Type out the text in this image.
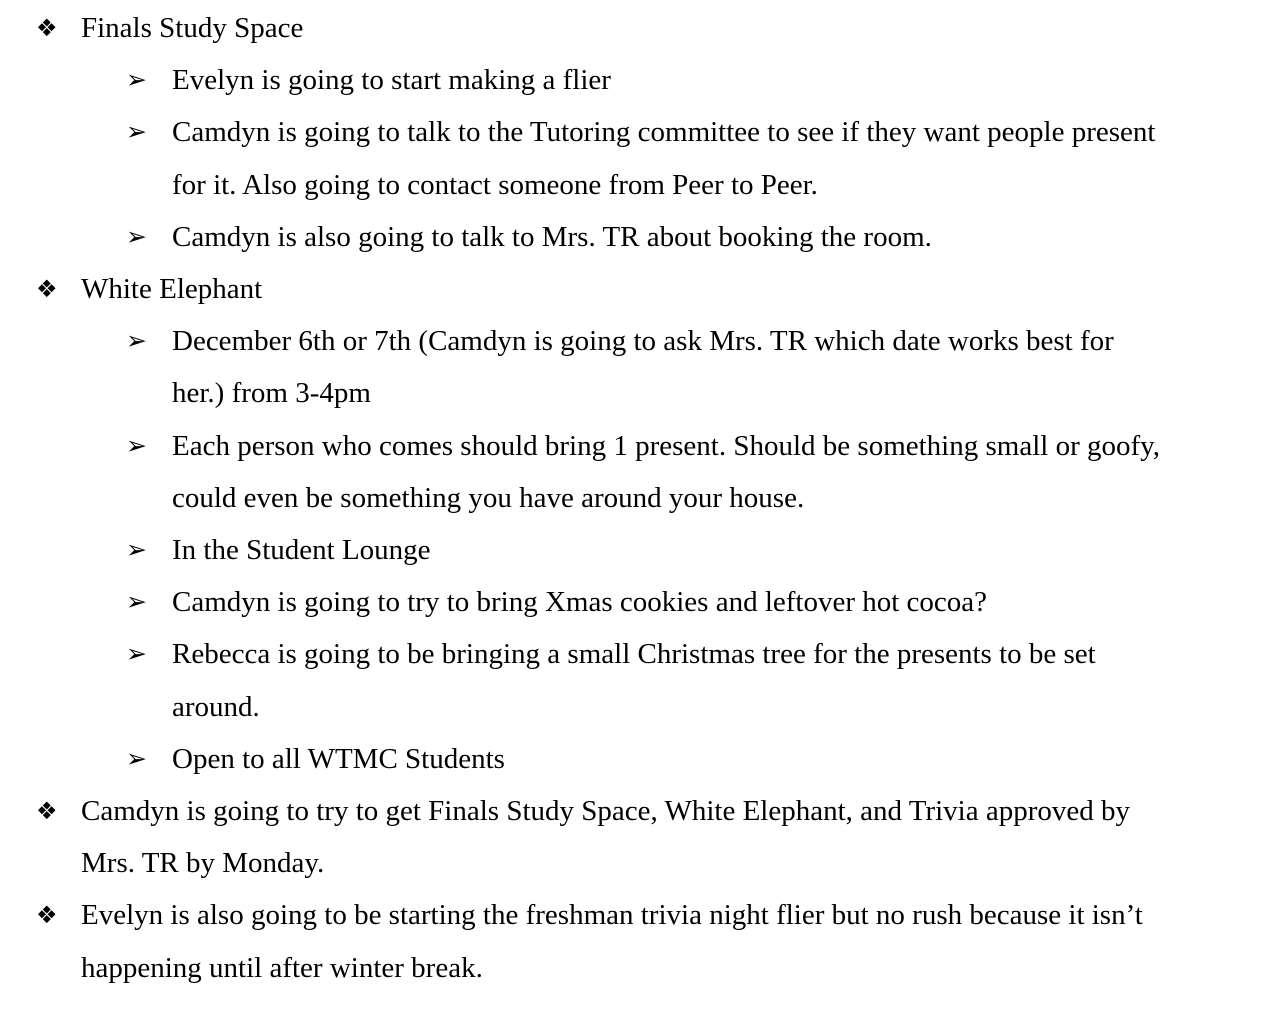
❖ Finals Study Space
➢ Evelyn is going to start making a flier
➢ Camdyn is going to talk to the Tutoring committee to see if they want people present for it. Also going to contact someone from Peer to Peer.
➢ Camdyn is also going to talk to Mrs. TR about booking the room.
❖ White Elephant
➢ December 6th or 7th (Camdyn is going to ask Mrs. TR which date works best for her.) from 3-4pm
➢ Each person who comes should bring 1 present. Should be something small or goofy, could even be something you have around your house.
➢ In the Student Lounge
➢ Camdyn is going to try to bring Xmas cookies and leftover hot cocoa?
➢ Rebecca is going to be bringing a small Christmas tree for the presents to be set around.
➢ Open to all WTMC Students
❖ Camdyn is going to try to get Finals Study Space, White Elephant, and Trivia approved by Mrs. TR by Monday.
❖ Evelyn is also going to be starting the freshman trivia night flier but no rush because it isn’t happening until after winter break.
